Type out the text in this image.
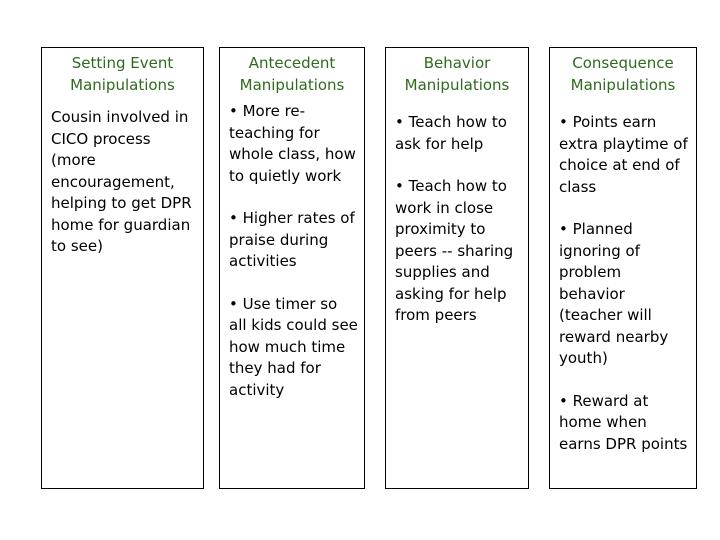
Setting Event
Manipulations

Cousin involved in CICO process (more encouragement, helping to get DPR home for guardian to see)

Antecedent
Manipulations

• More re-teaching for whole class, how to quietly work

• Higher rates of praise during activities

• Use timer so all kids could see how much time they had for activity

Behavior
Manipulations

• Teach how to ask for help

• Teach how to work in close proximity to peers -- sharing supplies and asking for help from peers

Consequence
Manipulations

• Points earn extra playtime of choice at end of class

• Planned ignoring of problem behavior (teacher will reward nearby youth)

• Reward at home when earns DPR points
